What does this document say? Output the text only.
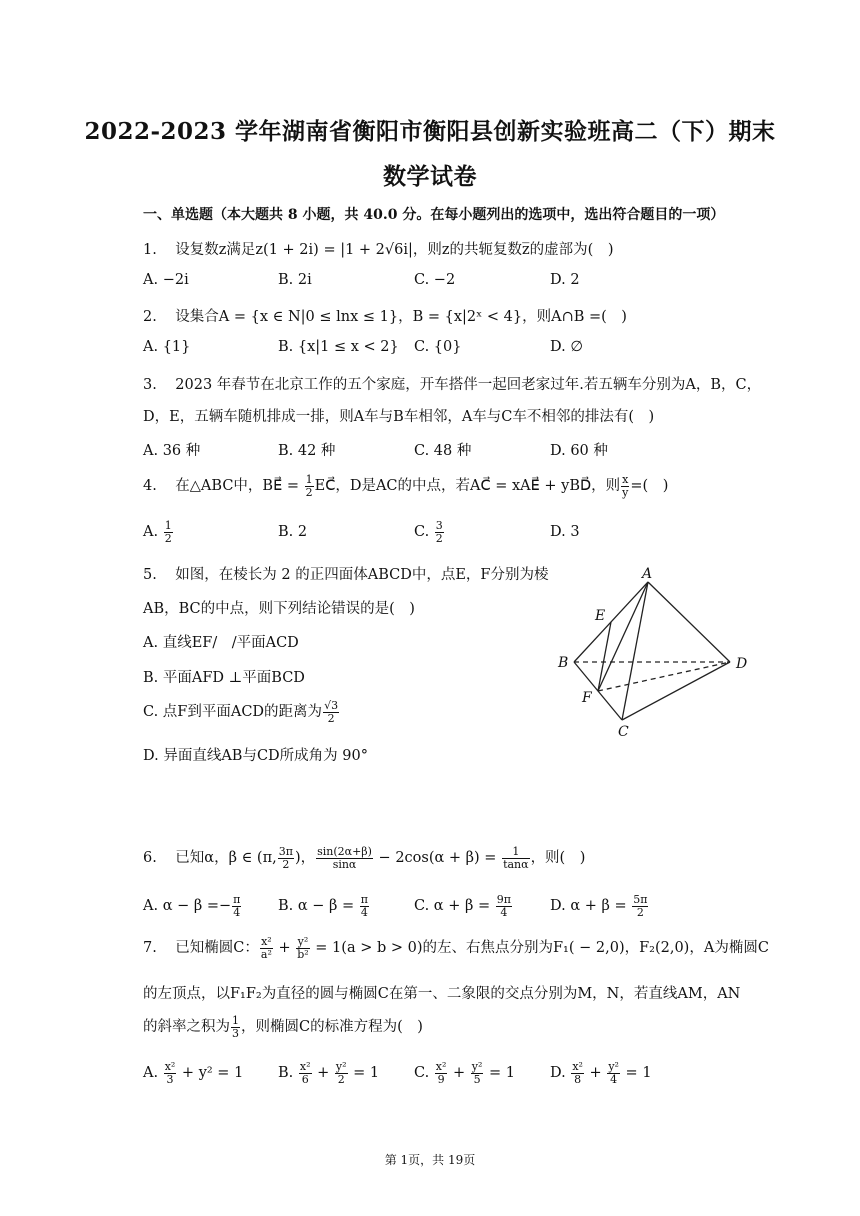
2022-2023 学年湖南省衡阳市衡阳县创新实验班高二（下）期末
数学试卷
一、单选题（本大题共 8 小题，共 40.0 分。在每小题列出的选项中，选出符合题目的一项）
1. 设复数z满足z(1 + 2i) = |1 + 2√6i|，则z的共轭复数z̅的虚部为(　)
A. −2i	B. 2i	C. −2	D. 2
2. 设集合A = {x ∈ N|0 ≤ lnx ≤ 1}，B = {x|2ˣ < 4}，则A∩B =(　)
A. {1}	B. {x|1 ≤ x < 2} C. {0}	D. ∅
3. 2023 年春节在北京工作的五个家庭，开车搭伴一起回老家过年.若五辆车分别为A，B，C，
D，E，五辆车随机排成一排，则A车与B车相邻，A车与C车不相邻的排法有(　)
A. 36 种	B. 42 种	C. 48 种	D. 60 种
4. 在△ABC中，BE⃗ = $\frac{1}{2}$ EC⃗，D是AC的中点，若AC⃗ = xAE⃗ + yBD⃗，则 $\frac{x}{y}$ =(　)
A. $\frac{1}{2}$	B. 2	C. $\frac{3}{2}$	D. 3
5. 如图，在棱长为 2 的正四面体ABCD中，点E，F分别为棱
AB，BC的中点，则下列结论错误的是(　)
A. 直线EF/　/平面ACD
B. 平面AFD ⊥平面BCD
C. 点F到平面ACD的距离为 $\frac{√3}{2}$
D. 异面直线AB与CD所成角为 90°
A
B
C
D
E
F
6. 已知α，β ∈ (π, $\frac{3\pi}{2}$ )， $\frac{\sin(2\alpha+\beta)}{\sin\alpha} - 2\cos(\alpha + \beta) = \frac{1}{\tan\alpha}$ ，则(　)
A. $\alpha - \beta =- \frac{\pi}{4}$	B. $\alpha - \beta = \frac{\pi}{4}$	C. $\alpha + \beta = \frac{9\pi}{4}$	D. $\alpha + \beta = \frac{5\pi}{2}$
7. 已知椭圆C： $\frac{\text{x²}}{\text{a²}} + \frac{\text{y²}}{\text{b²}} = 1(a > b > 0)$的左、右焦点分别为F₁( − 2,0)，F₂(2,0)，A为椭圆C
的左顶点，以F₁F₂为直径的圆与椭圆C在第一、二象限的交点分别为M，N，若直线AM，AN
的斜率之积为 $\frac{1}{3}$ ，则椭圆C的标准方程为(　)
A. $\frac{\text{x²}}{3} + y^2 = 1$ B. $\frac{\text{x²}}{6} + \frac{\text{y²}}{2} = 1$ C. $\frac{\text{x²}}{9} + \frac{\text{y²}}{5} = 1$ D. $\frac{\text{x²}}{8} + \frac{\text{y²}}{4} = 1$
第 1页，共 19页
